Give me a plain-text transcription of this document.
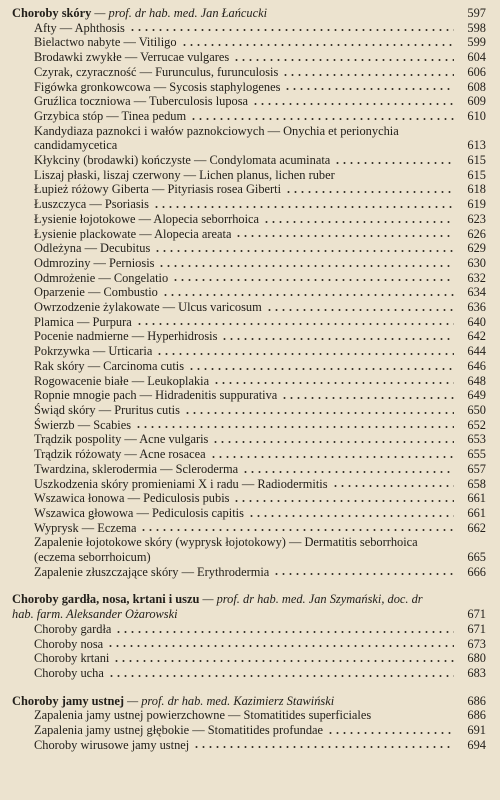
Choroby skóry — prof. dr hab. med. Jan Łańcucki	597
Afty — Aphthosis	598
Bielactwo nabyte — Vitiligo	599
Brodawki zwykłe — Verrucae vulgares	604
Czyrak, czyraczność — Furunculus, furunculosis	606
Figówka gronkowcowa — Sycosis staphylogenes	608
Gruźlica toczniowa — Tuberculosis luposa	609
Grzybica stóp — Tinea pedum	610
Kandydiaza paznokci i wałów paznokciowych — Onychia et perionychia candidamycetica	613
Kłykciny (brodawki) kończyste — Condylomata acuminata	615
Liszaj płaski, liszaj czerwony — Lichen planus, lichen ruber	615
Łupież różowy Giberta — Pityriasis rosea Giberti	618
Łuszczyca — Psoriasis	619
Łysienie łojotokowe — Alopecia seborrhoica	623
Łysienie plackowate — Alopecia areata	626
Odleżyna — Decubitus	629
Odmroziny — Perniosis	630
Odmrożenie — Congelatio	632
Oparzenie — Combustio	634
Owrzodzenie żylakowate — Ulcus varicosum	636
Plamica — Purpura	640
Pocenie nadmierne — Hyperhidrosis	642
Pokrzywka — Urticaria	644
Rak skóry — Carcinoma cutis	646
Rogowacenie białe — Leukoplakia	648
Ropnie mnogie pach — Hidradenitis suppurativa	649
Świąd skóry — Pruritus cutis	650
Świerzb — Scabies	652
Trądzik pospolity — Acne vulgaris	653
Trądzik różowaty — Acne rosacea	655
Twardzina, sklerodermia — Scleroderma	657
Uszkodzenia skóry promieniami X i radu — Radiodermitis	658
Wszawica łonowa — Pediculosis pubis	661
Wszawica głowowa — Pediculosis capitis	661
Wyprysk — Eczema	662
Zapalenie łojotokowe skóry (wyprysk łojotokowy) — Dermatitis seborrhoica (eczema seborrhoicum)	665
Zapalenie złuszczające skóry — Erythrodermia	666
Choroby gardła, nosa, krtani i uszu — prof. dr hab. med. Jan Szymański, doc. dr hab. farm. Aleksander Ożarowski	671
Choroby gardła	671
Choroby nosa	673
Choroby krtani	680
Choroby ucha	683
Choroby jamy ustnej — prof. dr hab. med. Kazimierz Stawiński	686
Zapalenia jamy ustnej powierzchowne — Stomatitides superficiales	686
Zapalenia jamy ustnej głębokie — Stomatitides profundae	691
Choroby wirusowe jamy ustnej	694
